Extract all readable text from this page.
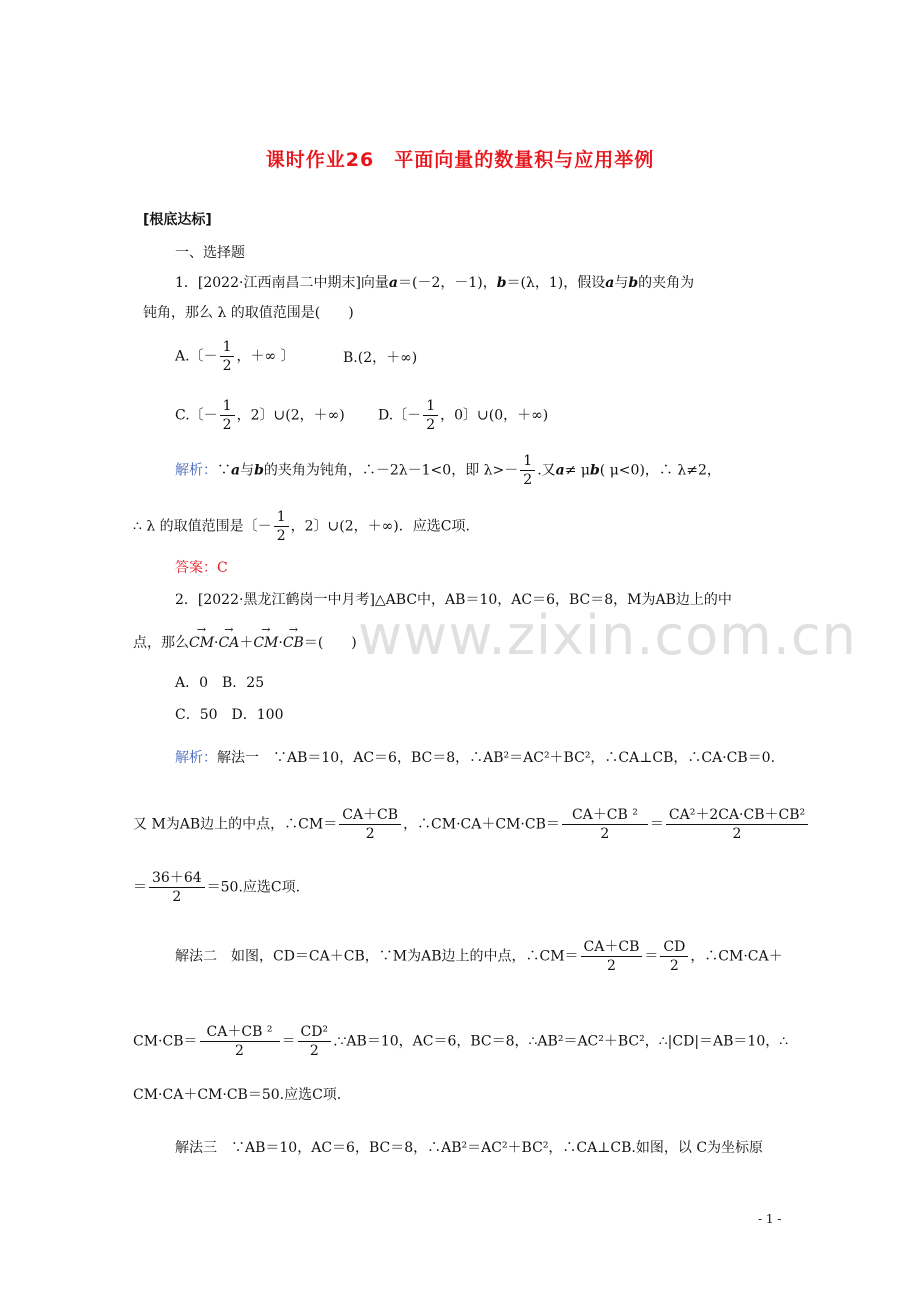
课时作业26　平面向量的数量积与应用举例
[根底达标]
一、选择题
1．[2022·江西南昌二中期末]向量a＝(－2，－1)，b＝(λ，1)，假设a与b的夹角为
钝角，那么 λ 的取值范围是(　　)
A.〔－ $\frac{1}{2}$ ，＋∞ 〕	B.(2，＋∞)
C.〔－ $\frac{1}{2}$ ，2〕∪(2，＋∞) D.〔－ $\frac{1}{2}$ ，0〕∪(0，＋∞)
解析：∵a与b的夹角为钝角，∴－2λ－1<0，即 $\lambda>- \frac{1}{2}$ .又a≠ μb( μ<0)，∴ λ≠2，
∴ λ 的取值范围是〔－ $\frac{1}{2}$ ，2〕∪(2，＋∞)．应选C项.
答案：C
2．[2022·黑龙江鹤岗一中月考]△ABC中，AB＝10，AC＝6，BC＝8，M为AB边上的中
点，那么→ CM·→ CA＋→ CM·→ CB＝(　　)
A．0　B．25
C．50　D．100
解析：解法一　∵AB＝10，AC＝6，BC＝8，∴AB²＝AC²＋BC²，∴CA⊥CB，∴CA·CB＝0.
又 M为AB边上的中点，∴CM＝ $\frac{CA+CB}{2}$ ，∴CM·CA＋CM·CB＝ $\frac{\text{CA＋CB ²}}{2} = \frac{\text{CA²＋2CA·CB＋CB²}}{2}$
＝ $\frac{36+64}{2} =50$.应选C项.
解法二　如图，CD＝CA＋CB，∵M为AB边上的中点，∴CM＝ $\frac{CA+CB}{2} = \frac{CD}{2}$ ，∴CM·CA＋
$CM\cdot CB= \frac{\text{CA＋CB ²}}{2} = \frac{\text{CD²}}{2}$ .∵AB＝10，AC＝6，BC＝8，∴AB²＝AC²＋BC²，∴|CD|＝AB＝10，∴
CM·CA＋CM·CB＝50.应选C项.
解法三　∵AB＝10，AC＝6，BC＝8，∴AB²＝AC²＋BC²，∴CA⊥CB.如图，以 C为坐标原
www.zixin.com.cn
- 1 -
